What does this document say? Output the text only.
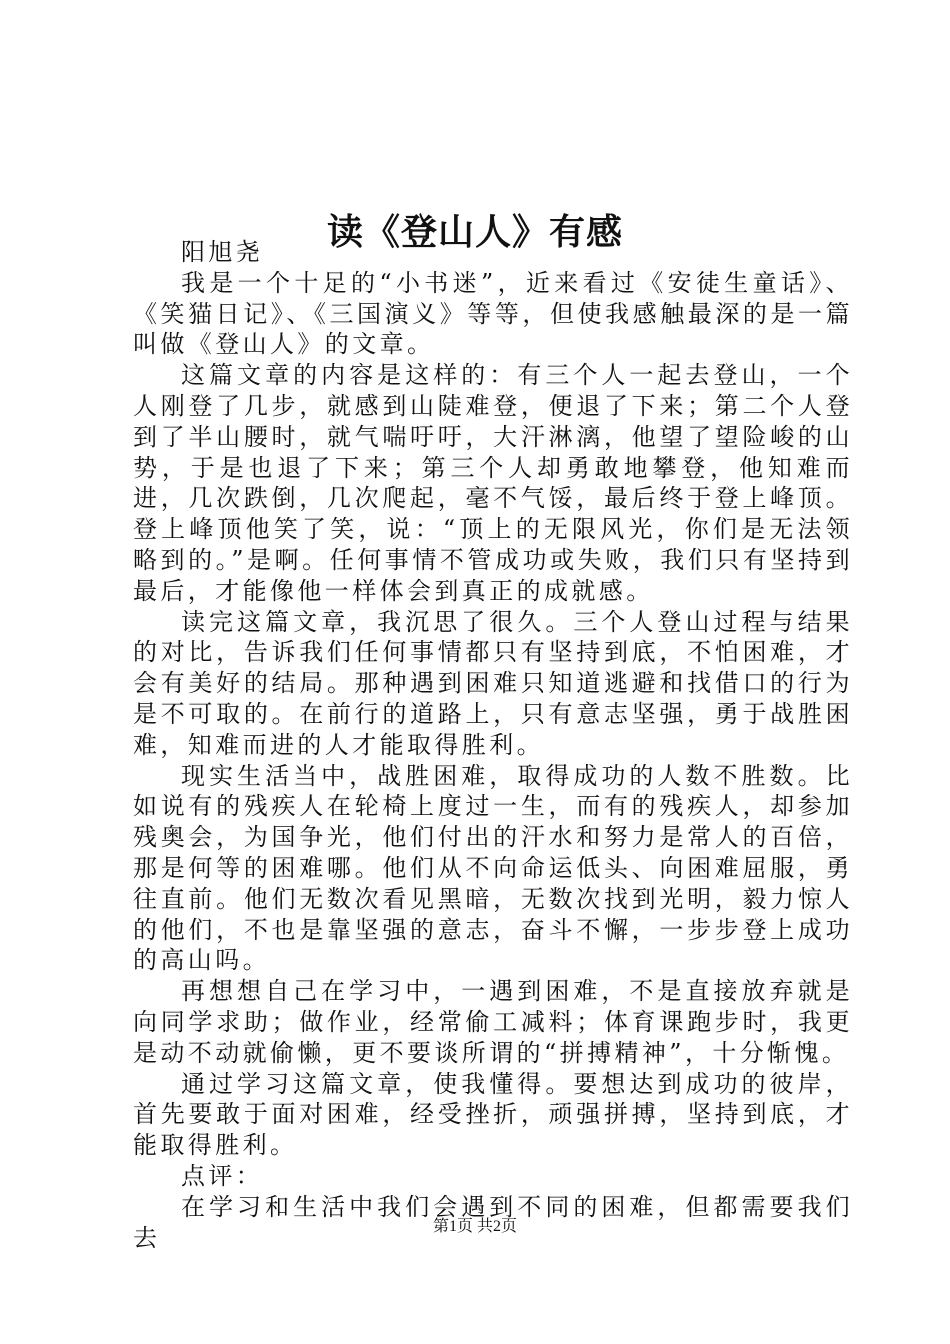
读《登山人》有感

阳旭尧

我是一个十足的“小书迷”，近来看过《安徒生童话》、《笑猫日记》、《三国演义》等等，但使我感触最深的是一篇叫做《登山人》的文章。

这篇文章的内容是这样的：有三个人一起去登山，一个人刚登了几步，就感到山陡难登，便退了下来；第二个人登到了半山腰时，就气喘吁吁，大汗淋漓，他望了望险峻的山势，于是也退了下来；第三个人却勇敢地攀登，他知难而进，几次跌倒，几次爬起，毫不气馁，最后终于登上峰顶。登上峰顶他笑了笑，说：“顶上的无限风光，你们是无法领略到的。”是啊。任何事情不管成功或失败，我们只有坚持到最后，才能像他一样体会到真正的成就感。

读完这篇文章，我沉思了很久。三个人登山过程与结果的对比，告诉我们任何事情都只有坚持到底，不怕困难，才会有美好的结局。那种遇到困难只知道逃避和找借口的行为是不可取的。在前行的道路上，只有意志坚强，勇于战胜困难，知难而进的人才能取得胜利。

现实生活当中，战胜困难，取得成功的人数不胜数。比如说有的残疾人在轮椅上度过一生，而有的残疾人，却参加残奥会，为国争光，他们付出的汗水和努力是常人的百倍，那是何等的困难哪。他们从不向命运低头、向困难屈服，勇往直前。他们无数次看见黑暗，无数次找到光明，毅力惊人的他们，不也是靠坚强的意志，奋斗不懈，一步步登上成功的高山吗。

再想想自己在学习中，一遇到困难，不是直接放弃就是向同学求助；做作业，经常偷工减料；体育课跑步时，我更是动不动就偷懒，更不要谈所谓的“拼搏精神”，十分惭愧。

通过学习这篇文章，使我懂得。要想达到成功的彼岸，首先要敢于面对困难，经受挫折，顽强拼搏，坚持到底，才能取得胜利。

点评：

在学习和生活中我们会遇到不同的困难，但都需要我们去	第1页 共2页
